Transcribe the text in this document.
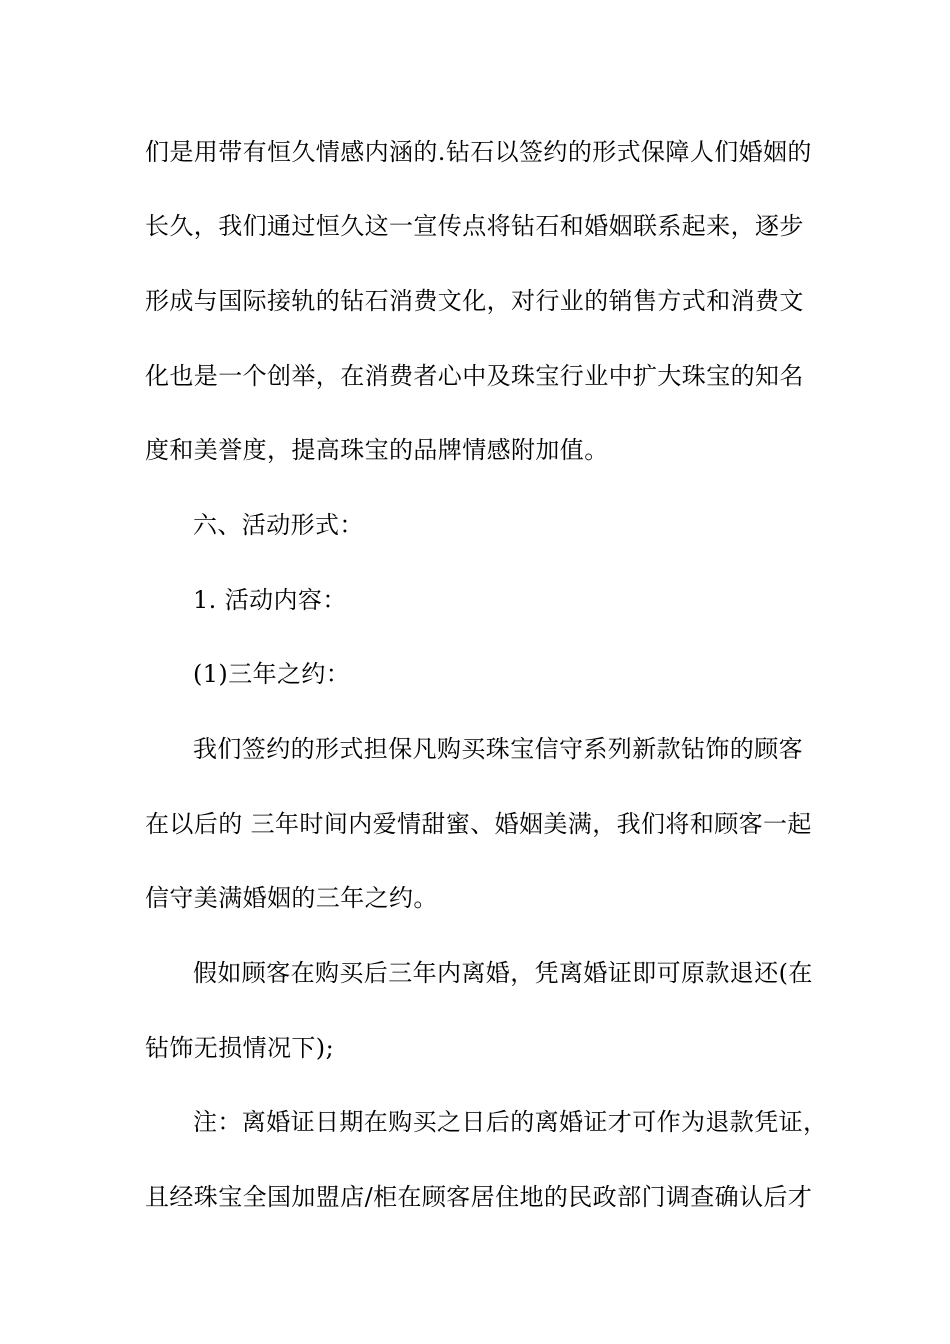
们是用带有恒久情感内涵的.钻石以签约的形式保障人们婚姻的
长久，我们通过恒久这一宣传点将钻石和婚姻联系起来，逐步
形成与国际接轨的钻石消费文化，对行业的销售方式和消费文
化也是一个创举，在消费者心中及珠宝行业中扩大珠宝的知名
度和美誉度，提高珠宝的品牌情感附加值。
六、活动形式：
1. 活动内容：
(1)三年之约：
我们签约的形式担保凡购买珠宝信守系列新款钻饰的顾客
在以后的 三年时间内爱情甜蜜、婚姻美满，我们将和顾客一起
信守美满婚姻的三年之约。
假如顾客在购买后三年内离婚，凭离婚证即可原款退还(在
钻饰无损情况下);
注：离婚证日期在购买之日后的离婚证才可作为退款凭证，
且经珠宝全国加盟店/柜在顾客居住地的民政部门调查确认后才
